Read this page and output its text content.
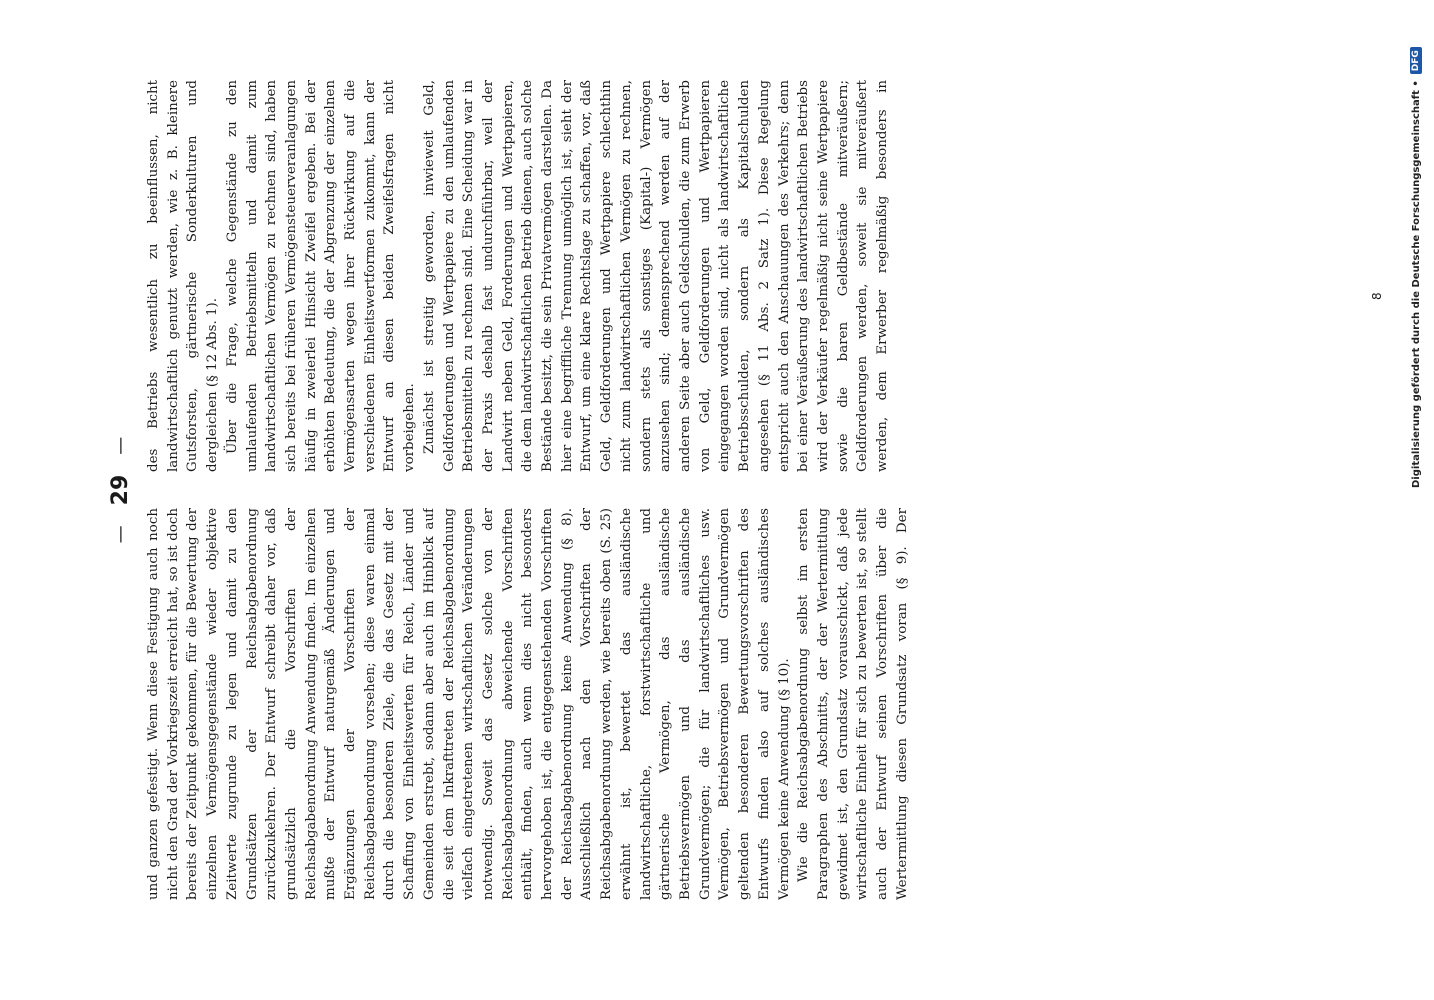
—
29
—

und ganzen gefestigt. Wenn diese Festigung auch noch nicht den Grad der Vorkriegszeit erreicht hat, so ist doch bereits der Zeitpunkt gekommen, für die Bewertung der einzelnen Vermögensgegenstände wieder objektive Zeitwerte zugrunde zu legen und damit zu den Grundsätzen der Reichsabgabenordnung zurückzukehren. Der Entwurf schreibt daher vor, daß grundsätzlich die Vorschriften der Reichsabgabenordnung Anwendung finden. Im einzelnen mußte der Entwurf naturgemäß Änderungen und Ergänzungen der Vorschriften der Reichsabgabenordnung vorsehen; diese waren einmal durch die besonderen Ziele, die das Gesetz mit der Schaffung von Einheitswerten für Reich, Länder und Gemeinden erstrebt, sodann aber auch im Hinblick auf die seit dem Inkrafttreten der Reichsabgabenordnung vielfach eingetretenen wirtschaftlichen Veränderungen notwendig. Soweit das Gesetz solche von der Reichsabgabenordnung abweichende Vorschriften enthält, finden, auch wenn dies nicht besonders hervorgehoben ist, die entgegenstehenden Vorschriften der Reichsabgabenordnung keine Anwendung (§ 8). Ausschließlich nach den Vorschriften der Reichsabgabenordnung werden, wie bereits oben (S. 25) erwähnt ist, bewertet das ausländische landwirtschaftliche, forstwirtschaftliche und gärtnerische Vermögen, das ausländische Betriebsvermögen und das ausländische Grundvermögen; die für landwirtschaftliches usw. Vermögen, Betriebsvermögen und Grundvermögen geltenden besonderen Bewertungsvorschriften des Entwurfs finden also auf solches ausländisches Vermögen keine Anwendung (§ 10). Wie die Reichsabgabenordnung selbst im ersten Paragraphen des Abschnitts, der der Wertermittlung gewidmet ist, den Grundsatz vorausschickt, daß jede wirtschaftliche Einheit für sich zu bewerten ist, so stellt auch der Entwurf seinen Vorschriften über die Wertermittlung diesen Grundsatz voran (§ 9). Der

des Betriebs wesentlich zu beeinflussen, nicht landwirtschaftlich genutzt werden, wie z. B. kleinere Gutsforsten, gärtnerische Sonderkulturen und dergleichen (§ 12 Abs. 1). Über die Frage, welche Gegenstände zu den umlaufenden Betriebsmitteln und damit zum landwirtschaftlichen Vermögen zu rechnen sind, haben sich bereits bei früheren Vermögensteuerveranlagungen häufig in zweierlei Hinsicht Zweifel ergeben. Bei der erhöhten Bedeutung, die der Abgrenzung der einzelnen Vermögensarten wegen ihrer Rückwirkung auf die verschiedenen Einheitswertformen zukommt, kann der Entwurf an diesen beiden Zweifelsfragen nicht vorbeigehen. Zunächst ist streitig geworden, inwieweit Geld, Geldforderungen und Wertpapiere zu den umlaufenden Betriebsmitteln zu rechnen sind. Eine Scheidung war in der Praxis deshalb fast undurchführbar, weil der Landwirt neben Geld, Forderungen und Wertpapieren, die dem landwirtschaftlichen Betrieb dienen, auch solche Bestände besitzt, die sein Privatvermögen darstellen. Da hier eine begriffliche Trennung unmöglich ist, sieht der Entwurf, um eine klare Rechtslage zu schaffen, vor, daß Geld, Geldforderungen und Wertpapiere schlechthin nicht zum landwirtschaftlichen Vermögen zu rechnen, sondern stets als sonstiges (Kapital-) Vermögen anzusehen sind; demensprechend werden auf der anderen Seite aber auch Geldschulden, die zum Erwerb von Geld, Geldforderungen und Wertpapieren eingegangen worden sind, nicht als landwirtschaftliche Betriebsschulden, sondern als Kapitalschulden angesehen (§ 11 Abs. 2 Satz 1). Diese Regelung entspricht auch den Anschauungen des Verkehrs; denn bei einer Veräußerung des landwirtschaftlichen Betriebs wird der Verkäufer regelmäßig nicht seine Wertpapiere sowie die baren Geldbestände mitveräußern; Geldforderungen werden, soweit sie mitveräußert werden, dem Erwerber regelmäßig besonders in

8	Digitalisierung gefördert durch die Deutsche Forschungsgemeinschaft •
DFG
